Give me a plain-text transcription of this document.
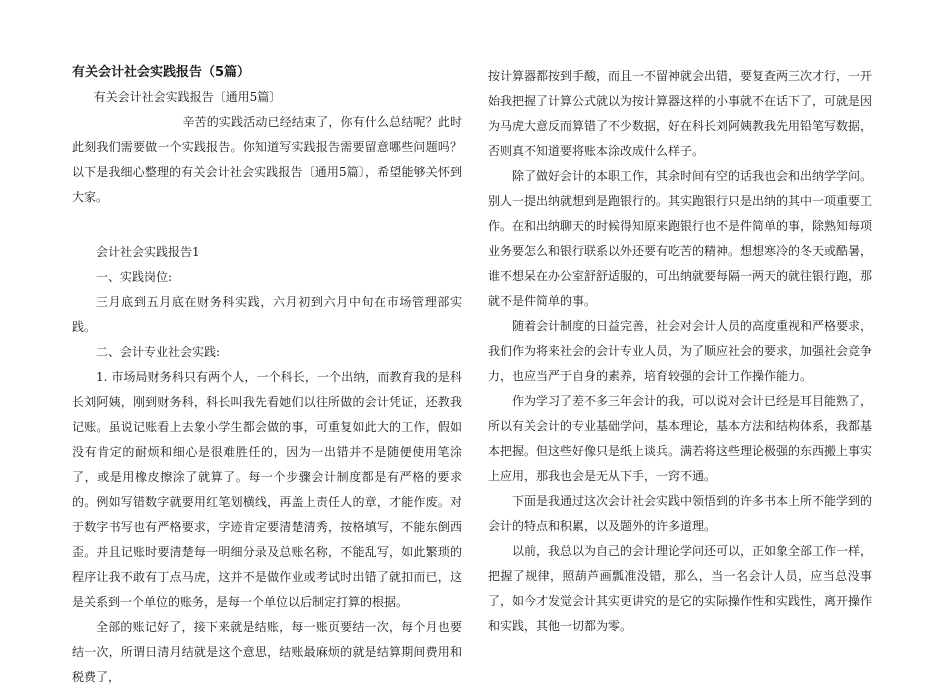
有关会计社会实践报告（5篇）

有关会计社会实践报告〔通用5篇〕

辛苦的实践活动已经结束了，你有什么总结呢？此时此刻我们需要做一个实践报告。你知道写实践报告需要留意哪些问题吗？以下是我细心整理的有关会计社会实践报告〔通用5篇〕，希望能够关怀到大家。

会计社会实践报告1

一、实践岗位:

三月底到五月底在财务科实践，六月初到六月中旬在市场管理部实践。

二、会计专业社会实践:

1. 市场局财务科只有两个人，一个科长，一个出纳，而教育我的是科长刘阿姨，刚到财务科，科长叫我先看她们以往所做的会计凭证，还教我记账。虽说记账看上去象小学生都会做的事，可重复如此大的工作，假如没有肯定的耐烦和细心是很难胜任的，因为一出错并不是随便使用笔涂了，或是用橡皮擦涂了就算了。每一个步骤会计制度都是有严格的要求的。例如写错数字就要用红笔划横线，再盖上责任人的章，才能作废。对于数字书写也有严格要求，字迹肯定要清楚清秀，按格填写，不能东倒西歪。并且记账时要清楚每一明细分录及总账名称，不能乱写，如此繁琐的程序让我不敢有丁点马虎，这并不是做作业或考试时出错了就扣而已，这是关系到一个单位的账务，是每一个单位以后制定打算的根据。

全部的账记好了，接下来就是结账，每一账页要结一次，每个月也要结一次，所谓日清月结就是这个意思，结账最麻烦的就是结算期间费用和税费了，

按计算器都按到手酸，而且一不留神就会出错，要复查两三次才行，一开始我把握了计算公式就以为按计算器这样的小事就不在话下了，可就是因为马虎大意反而算错了不少数据，好在科长刘阿姨教我先用铅笔写数据，否则真不知道要将账本涂改成什么样子。

除了做好会计的本职工作，其余时间有空的话我也会和出纳学学问。别人一提出纳就想到是跑银行的。其实跑银行只是出纳的其中一项重要工作。在和出纳聊天的时候得知原来跑银行也不是件简单的事，除熟知每项业务要怎么和银行联系以外还要有吃苦的精神。想想寒冷的冬天或酷暑，谁不想呆在办公室舒舒适服的，可出纳就要每隔一两天的就往银行跑，那就不是件简单的事。

随着会计制度的日益完善，社会对会计人员的高度重视和严格要求，我们作为将来社会的会计专业人员，为了顺应社会的要求，加强社会竞争力，也应当严于自身的素养，培育较强的会计工作操作能力。

作为学习了差不多三年会计的我，可以说对会计已经是耳目能熟了，所以有关会计的专业基础学问，基本理论，基本方法和结构体系，我都基本把握。但这些好像只是纸上谈兵。满若将这些理论极强的东西搬上事实上应用，那我也会是无从下手，一窍不通。

下面是我通过这次会计社会实践中领悟到的许多书本上所不能学到的会计的特点和积累，以及题外的许多道理。

以前，我总以为自己的会计理论学问还可以，正如象全部工作一样，把握了规律，照葫芦画瓢准没错，那么，当一名会计人员，应当总没事了，如今才发觉会计其实更讲究的是它的实际操作性和实践性，离开操作和实践，其他一切都为零。
